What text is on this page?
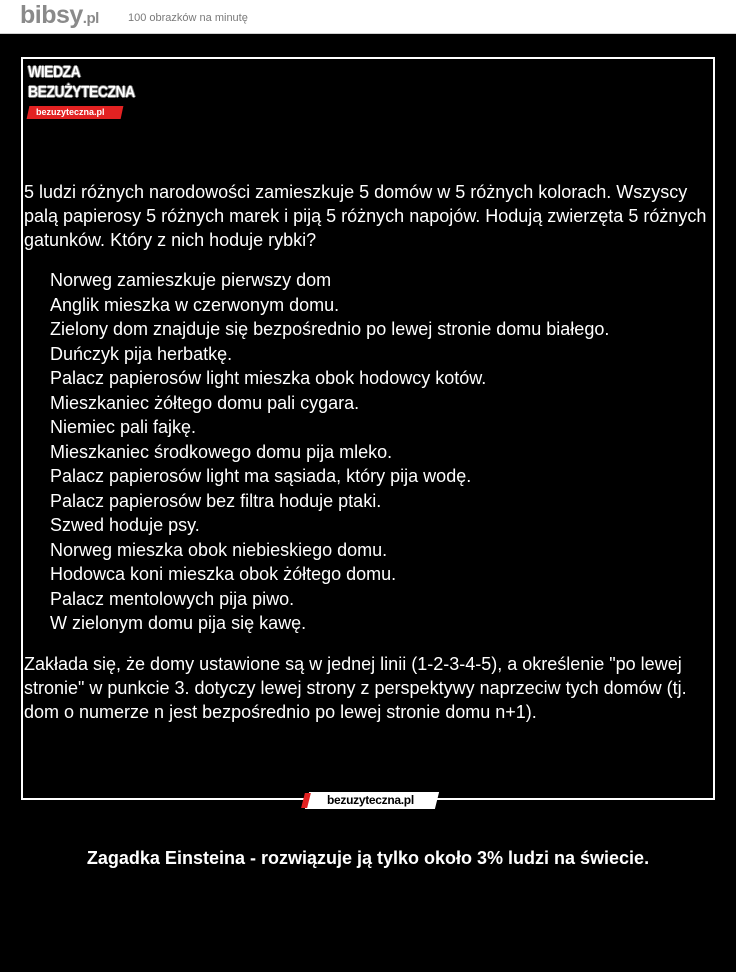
bibsy.pl	100 obrazków na minutę
WIEDZA
BEZUŻYTECZNA
bezuzyteczna.pl

5 ludzi różnych narodowości zamieszkuje 5 domów w 5 różnych kolorach. Wszyscy palą papierosy 5 różnych marek i piją 5 różnych napojów. Hodują zwierzęta 5 różnych gatunków. Który z nich hoduje rybki?

Norweg zamieszkuje pierwszy dom
Anglik mieszka w czerwonym domu.
Zielony dom znajduje się bezpośrednio po lewej stronie domu białego.
Duńczyk pija herbatkę.
Palacz papierosów light mieszka obok hodowcy kotów.
Mieszkaniec żółtego domu pali cygara.
Niemiec pali fajkę.
Mieszkaniec środkowego domu pija mleko.
Palacz papierosów light ma sąsiada, który pija wodę.
Palacz papierosów bez filtra hoduje ptaki.
Szwed hoduje psy.
Norweg mieszka obok niebieskiego domu.
Hodowca koni mieszka obok żółtego domu.
Palacz mentolowych pija piwo.
W zielonym domu pija się kawę.

Zakłada się, że domy ustawione są w jednej linii (1-2-3-4-5), a określenie "po lewej stronie" w punkcie 3. dotyczy lewej strony z perspektywy naprzeciw tych domów (tj. dom o numerze n jest bezpośrednio po lewej stronie domu n+1).

bezuzyteczna.pl
Zagadka Einsteina - rozwiązuje ją tylko około 3% ludzi na świecie.
